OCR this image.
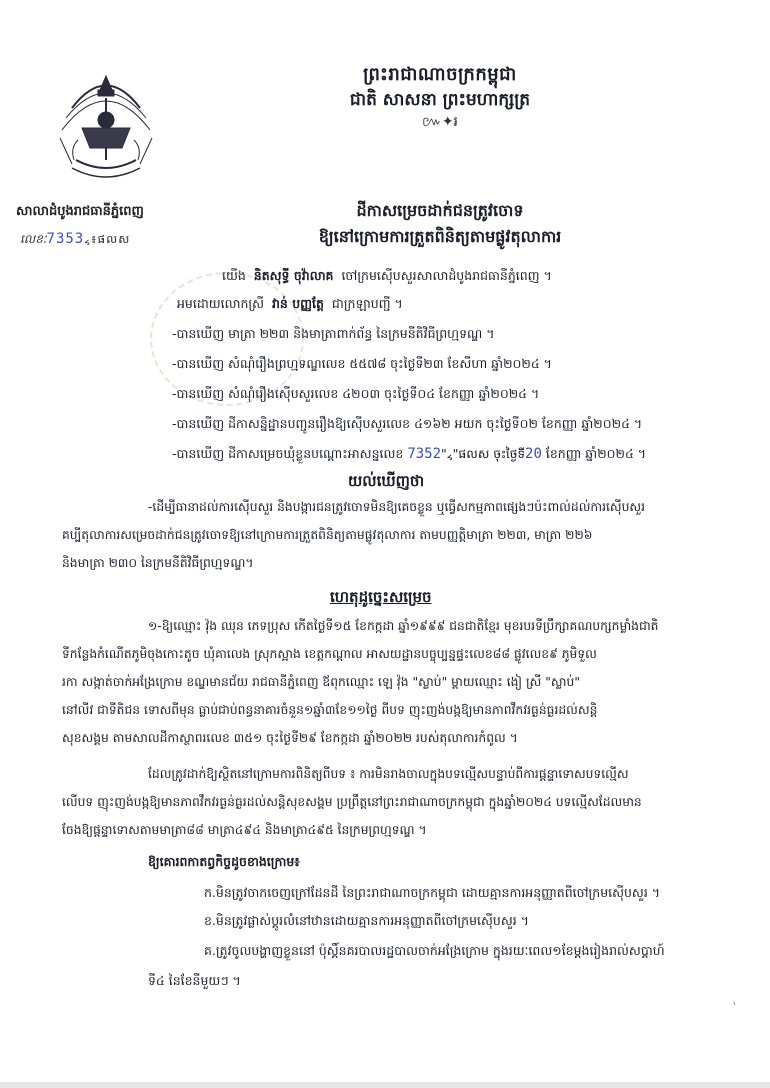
សាលាដំបូងរាជធានីភ្នំពេញ
លេខៈ7353៹៖ផលស
ព្រះរាជាណាចក្រកម្ពុជា
ជាតិ សាសនា ព្រះមហាក្សត្រ
៚✦៛
ដីកាសម្រេចដាក់ជនត្រូវចោទ
ឱ្យនៅក្រោមការត្រួតពិនិត្យតាមផ្លូវតុលាការ
យើង និតសុទ្ធី ចុវ៉ាលាគ ចៅក្រមស៊ើបសួរសាលាដំបូងរាជធានីភ្នំពេញ ។
អមដោយលោកស្រី វាន់ បញ្ញត្ដែ ជាក្រឡាបញ្ជី ។
-បានឃើញ មាត្រា ២២៣ និងមាត្រាពាក់ព័ន្ធ នៃក្រមនីតិវិធីព្រហ្មទណ្ឌ ។
-បានឃើញ សំណុំរឿងព្រហ្មទណ្ឌលេខ ៥៥៧៨ ចុះថ្ងៃទី២៣ ខែសីហា ឆ្នាំ២០២៤ ។
-បានឃើញ សំណុំរឿងស៊ើបសួរលេខ ៤២០៣ ចុះថ្ងៃទី០៤ ខែកញ្ញា ឆ្នាំ២០២៤ ។
-បានឃើញ ដីកាសន្និដ្ឋានបញ្ជូនរឿងឱ្យស៊ើបសួរលេខ ៤១៦២ អយក ចុះថ្ងៃទី០២ ខែកញ្ញា ឆ្នាំ២០២៤ ។
-បានឃើញ ដីកាសម្រេចឃុំខ្លួនបណ្ដោះអាសន្នលេខ 7352"៹"ផលស ចុះថ្ងៃទី20 ខែកញ្ញា ឆ្នាំ២០២៤ ។
យល់ឃើញថា
-ដើម្បីធានាដល់ការស៊ើបសួរ និងបង្ការជនត្រូវចោទមិនឱ្យគេចខ្លួន ឬធ្វើសកម្មភាពផ្សេងៗប៉ះពាល់ដល់ការស៊ើបសួរ
គប្បីតុលាការសម្រេចដាក់ជនត្រូវចោទឱ្យនៅក្រោមការត្រួតពិនិត្យតាមផ្លូវតុលាការ តាមបញ្ញត្តិមាត្រា ២២៣, មាត្រា ២២៦
និងមាត្រា ២៣០ នៃក្រមនីតិវិធីព្រហ្មទណ្ឌ។
ហេតុដូច្នេះសម្រេច
១-ឱ្យឈ្មោះ វ៉ុង ឈុន ភេទប្រុស កើតថ្ងៃទី១៥ ខែកក្កដា ឆ្នាំ១៩៩៩ ជនជាតិខ្មែរ មុខរបរទីប្រឹក្សាគណបក្សកម្លាំងជាតិ
ទីកន្លែងកំណើតភូមិចុងកោះតូច ឃុំគាលេង ស្រុកស្អាង ខេត្តកណ្ដាល អាសយដ្ឋានបច្ចុប្បន្នផ្ទះលេខ៨៨ ផ្លូវលេខ៩ ភូមិទួល
រកា សង្កាត់ចាក់អង្រែក្រោម ខណ្ឌមានជ័យ រាជធានីភ្នំពេញ ឪពុកឈ្មោះ ឡេ វ៉ុង "ស្លាប់" ម្ដាយឈ្មោះ ងៀ ស្រី "ស្លាប់"
នៅលីវ ជាទីតិជន ទោសពីមុន ធ្លាប់ជាប់ពន្ធនាគារចំនួន១ឆ្នាំ៣ខែ១១ថ្ងៃ ពីបទ ញុះញង់បង្កឱ្យមានភាពវឹកវរធ្ងន់ធ្ងរដល់សន្តិ
សុខសង្គម តាមសាលដីកាស្ថាពរលេខ ៣៥១ ចុះថ្ងៃទី២៩ ខែកក្កដា ឆ្នាំ២០២២ របស់តុលាការកំពូល ។
ដែលត្រូវដាក់ឱ្យស្ថិតនៅក្រោមការពិនិត្យពីបទ ៖ ការមិនរាងចាលក្នុងបទល្មើសបន្ទាប់ពីការផ្ដន្ទាទោសបទល្មើស
លើបទ ញុះញង់បង្កឱ្យមានភាពវឹកវរធ្ងន់ធ្ងរដល់សន្តិសុខសង្គម ប្រព្រឹត្តនៅព្រះរាជាណាចក្រកម្ពុជា ក្នុងឆ្នាំ២០២៤ បទល្មើសដែលមាន
ចែងឱ្យផ្ដន្ទាទោសតាមមាត្រា៨៨ មាត្រា៤៩៤ និងមាត្រា៤៩៥ នៃក្រមព្រហ្មទណ្ឌ ។
ឱ្យគោរពកាតព្វកិច្ចដូចខាងក្រោម៖
ក.មិនត្រូវចាកចេញក្រៅដែនដី នៃព្រះរាជាណាចក្រកម្ពុជា ដោយគ្មានការអនុញ្ញាតពីចៅក្រមស៊ើបសួរ ។
ខ.មិនត្រូវផ្លាស់ប្ដូរលំនៅឋានដោយគ្មានការអនុញ្ញាតពីចៅក្រមស៊ើបសួរ ។
គ.ត្រូវចូលបង្ហាញខ្លួននៅ ប៉ុស្ដិ៍នគរបាលរដ្ឋបាលចាក់អង្រែក្រោម ក្នុងរយៈពេល១ខែម្ដងរៀងរាល់សប្ដាហ៍
ទី៤ នៃខែនីមួយៗ ។
៶
